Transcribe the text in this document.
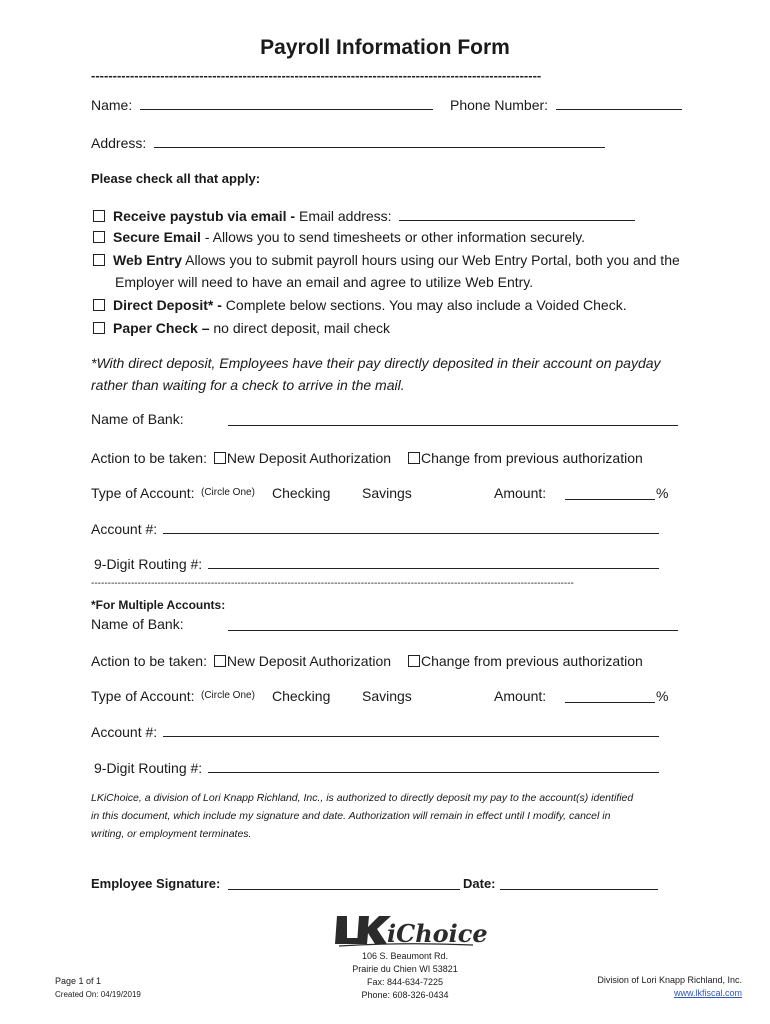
Payroll Information Form
--------------------------------------------------------------------------------------------------------
Name:	Phone Number:
Address:
Please check all that apply:
Receive paystub via email - Email address:
Secure Email - Allows you to send timesheets or other information securely.
Web Entry Allows you to submit payroll hours using our Web Entry Portal, both you and the
Employer will need to have an email and agree to utilize Web Entry.
Direct Deposit* - Complete below sections. You may also include a Voided Check.
Paper Check – no direct deposit, mail check
*With direct deposit, Employees have their pay directly deposited in their account on payday
rather than waiting for a check to arrive in the mail.
Name of Bank:
Action to be taken: New Deposit Authorization	Change from previous authorization
Type of Account: (Circle One) Checking Savings	Amount:	%
Account #:
9-Digit Routing #:
-------------------------------------------------------------------------------------------------------------------------------------------------
*For Multiple Accounts:
Name of Bank:
Action to be taken: New Deposit Authorization	Change from previous authorization
Type of Account: (Circle One) Checking Savings	Amount:	%
Account #:
9-Digit Routing #:
LKiChoice, a division of Lori Knapp Richland, Inc., is authorized to directly deposit my pay to the account(s) identified
in this document, which include my signature and date. Authorization will remain in effect until I modify, cancel in
writing, or employment terminates.
Employee Signature:	Date:
iChoice
Page 1 of 1
Created On: 04/19/2019
106 S. Beaumont Rd.
Prairie du Chien WI 53821
Fax: 844-634-7225
Phone: 608-326-0434
Division of Lori Knapp Richland, Inc.
www.lkfiscal.com
